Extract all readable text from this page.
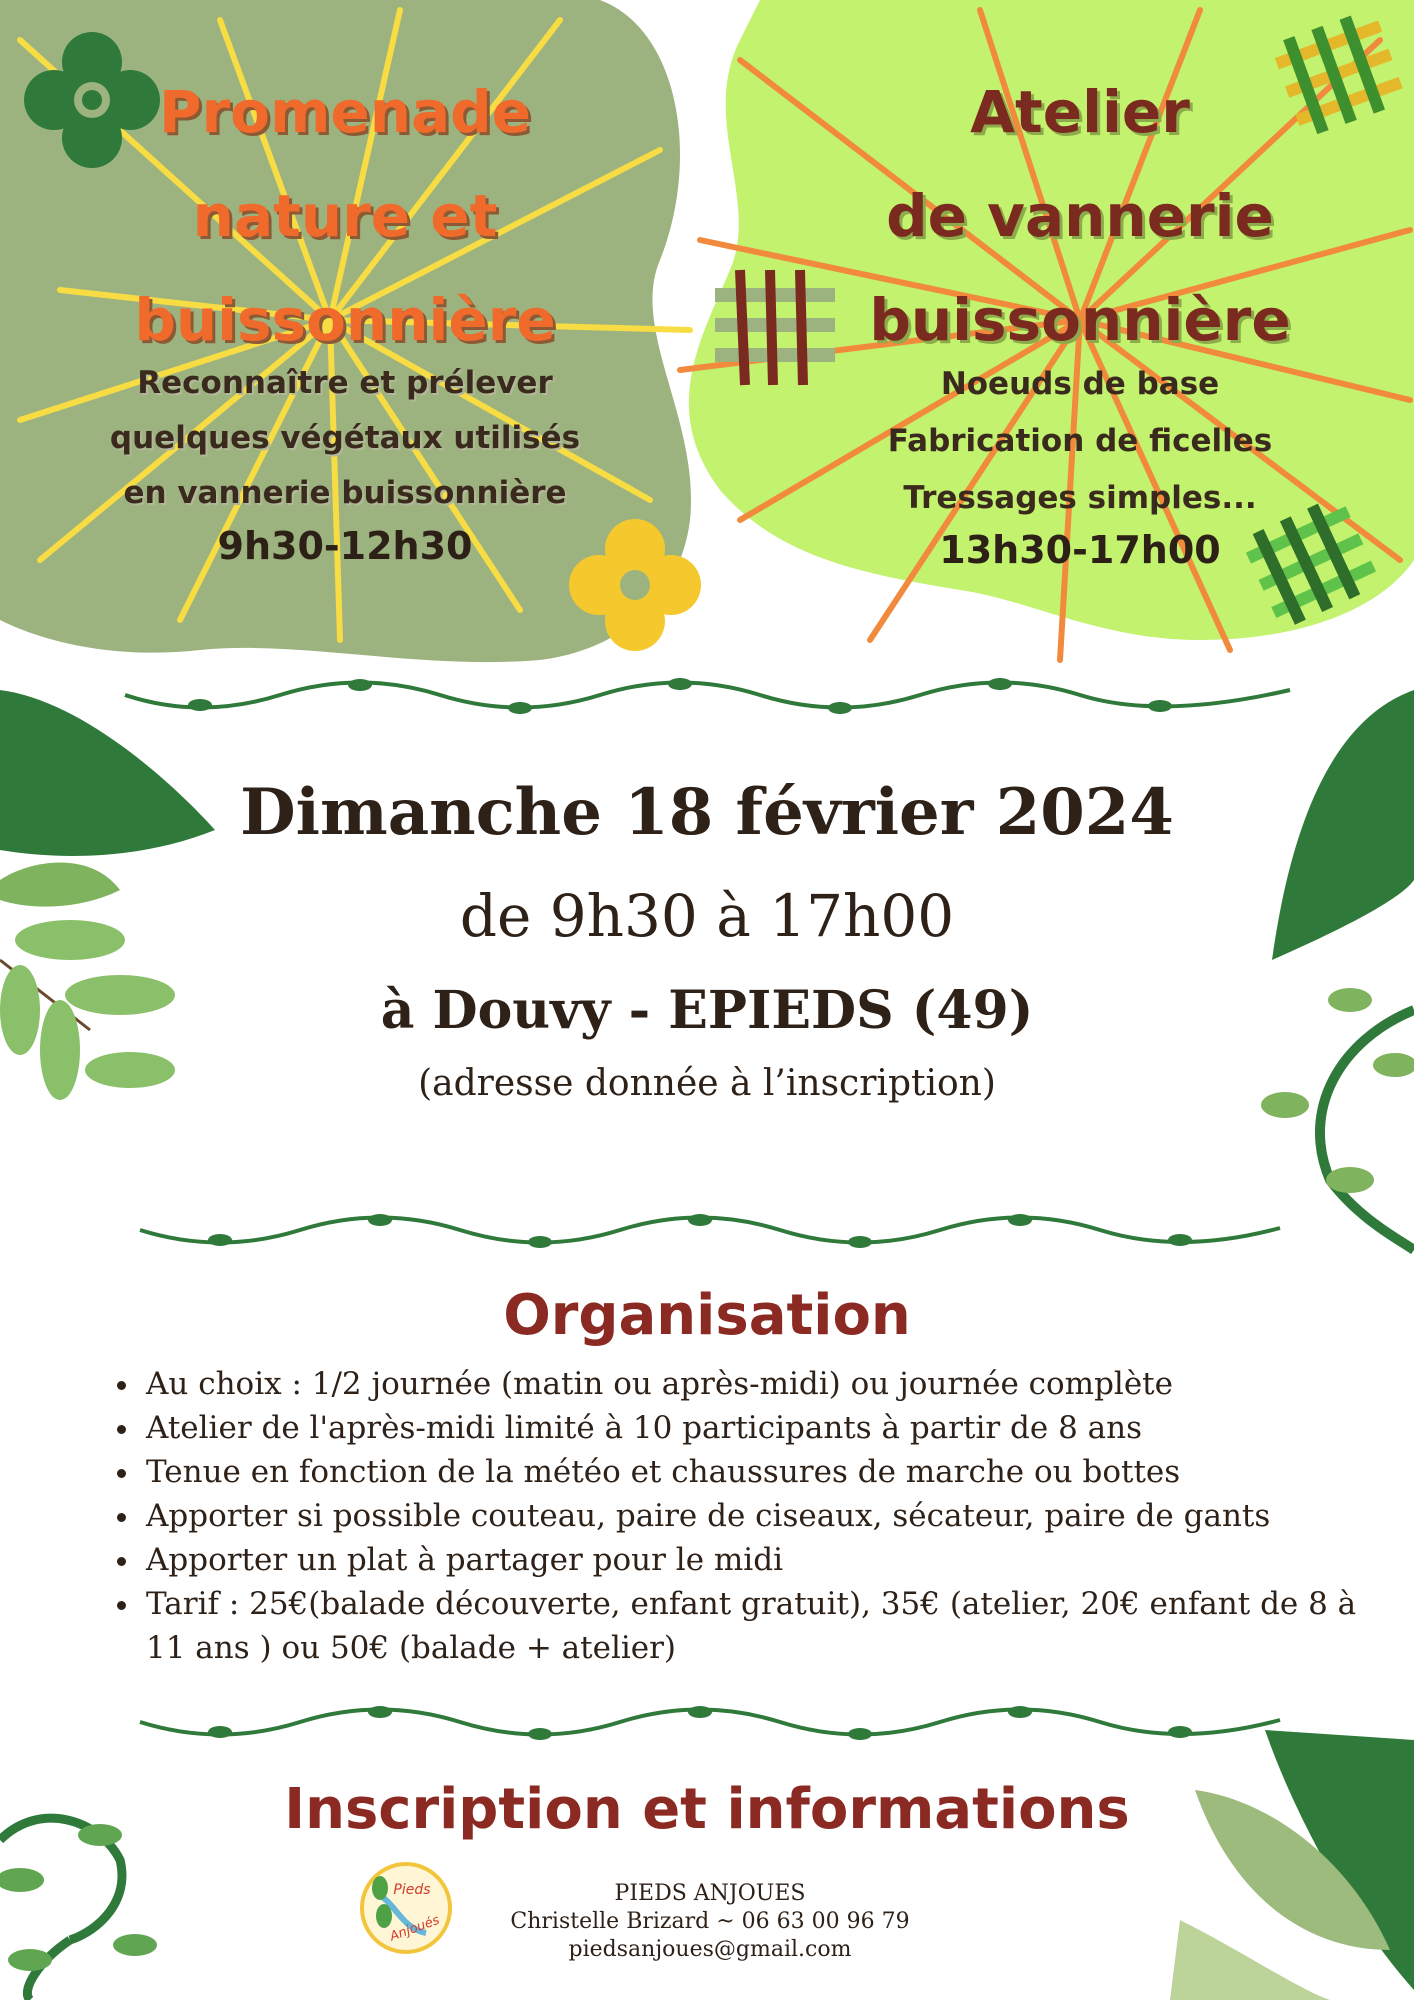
Promenade
nature et
buissonnière
Reconnaître et prélever
quelques végétaux utilisés
en vannerie buissonnière
9h30-12h30
Atelier
de vannerie
buissonnière
Noeuds de base
Fabrication de ficelles
Tressages simples...
13h30-17h00
Dimanche 18 février 2024
de 9h30 à 17h00
à Douvy - EPIEDS (49)
(adresse donnée à l’inscription)
Organisation
• Au choix : 1/2 journée (matin ou après-midi) ou journée complète
• Atelier de l'après-midi limité à 10 participants à partir de 8 ans
• Tenue en fonction de la météo et chaussures de marche ou bottes
• Apporter si possible couteau, paire de ciseaux, sécateur, paire de gants
• Apporter un plat à partager pour le midi
• Tarif : 25€(balade découverte, enfant gratuit), 35€ (atelier, 20€ enfant de 8 à 11 ans ) ou 50€ (balade + atelier)
Inscription et informations
Pieds
Anjoués
PIEDS ANJOUES
Christelle Brizard ~ 06 63 00 96 79
piedsanjoues@gmail.com
